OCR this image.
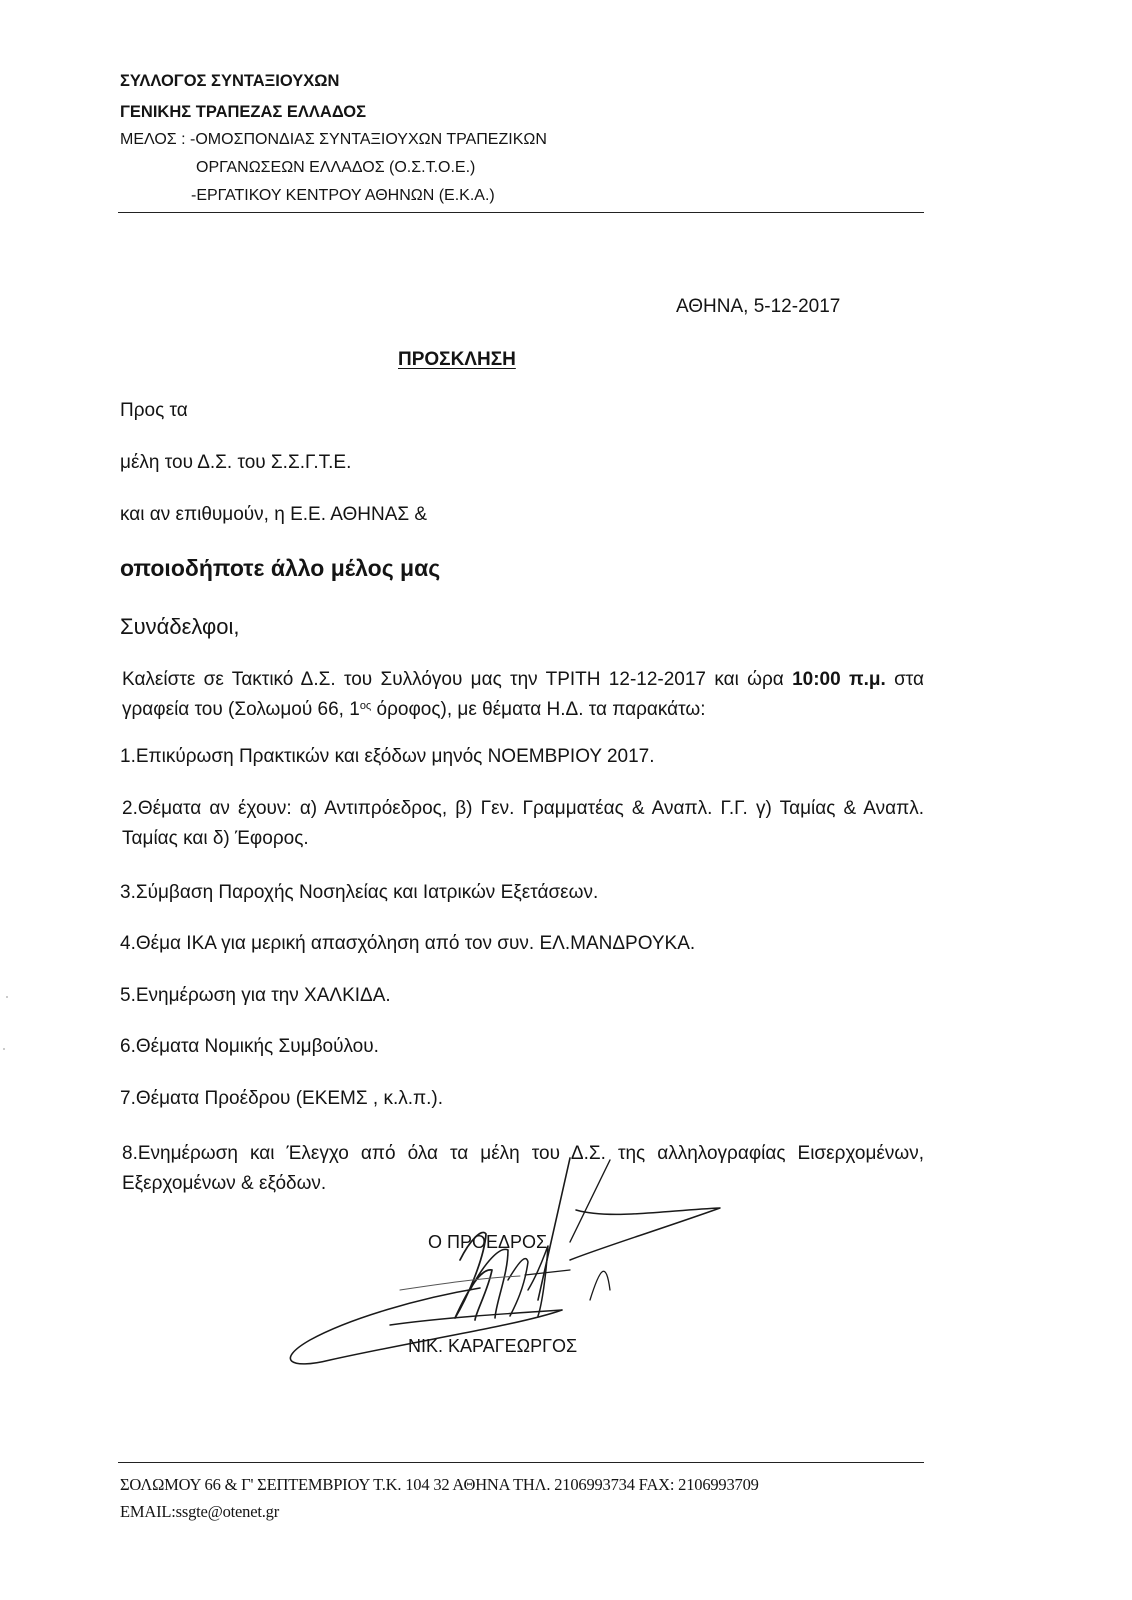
ΣΥΛΛΟΓΟΣ ΣΥΝΤΑΞΙΟΥΧΩΝ
ΓΕΝΙΚΗΣ ΤΡΑΠΕΖΑΣ ΕΛΛΑΔΟΣ
ΜΕΛΟΣ : -ΟΜΟΣΠΟΝΔΙΑΣ ΣΥΝΤΑΞΙΟΥΧΩΝ ΤΡΑΠΕΖΙΚΩΝ
ΟΡΓΑΝΩΣΕΩΝ ΕΛΛΑΔΟΣ (Ο.Σ.Τ.Ο.Ε.)
-ΕΡΓΑΤΙΚΟΥ ΚΕΝΤΡΟΥ ΑΘΗΝΩΝ (Ε.Κ.Α.)
ΑΘΗΝΑ, 5-12-2017
ΠΡΟΣΚΛΗΣΗ
Προς τα
μέλη του Δ.Σ. του Σ.Σ.Γ.Τ.Ε.
και αν επιθυμούν, η Ε.Ε. ΑΘΗΝΑΣ &
οποιοδήποτε άλλο μέλος μας
Συνάδελφοι,
Καλείστε σε Τακτικό Δ.Σ. του Συλλόγου μας την ΤΡΙΤΗ 12-12-2017 και ώρα 10:00 π.μ. στα γραφεία του (Σολωμού 66, $1^{o\varsigma}$ όροφος), με θέματα Η.Δ. τα παρακάτω:
1.Επικύρωση Πρακτικών και εξόδων μηνός ΝΟΕΜΒΡΙΟΥ 2017.
2.Θέματα αν έχουν: α) Αντιπρόεδρος, β) Γεν. Γραμματέας & Αναπλ. Γ.Γ. γ) Ταμίας & Αναπλ. Ταμίας και δ) Έφορος.
3.Σύμβαση Παροχής Νοσηλείας και Ιατρικών Εξετάσεων.
4.Θέμα ΙΚΑ για μερική απασχόληση από τον συν. ΕΛ.ΜΑΝΔΡΟΥΚΑ.
5.Ενημέρωση για την ΧΑΛΚΙΔΑ.
6.Θέματα Νομικής Συμβούλου.
7.Θέματα Προέδρου (ΕΚΕΜΣ , κ.λ.π.).
8.Ενημέρωση και Έλεγχο από όλα τα μέλη του Δ.Σ. της αλληλογραφίας Εισερχομένων, Εξερχομένων & εξόδων.
Ο ΠΡΟΕΔΡΟΣ
ΝΙΚ. ΚΑΡΑΓΕΩΡΓΟΣ
ΣΟΛΩΜΟΥ 66 & Γ' ΣΕΠΤΕΜΒΡΙΟΥ Τ.Κ. 104 32 ΑΘΗΝΑ ΤΗΛ. 2106993734 FAX: 2106993709
EMAIL:ssgte@otenet.gr
